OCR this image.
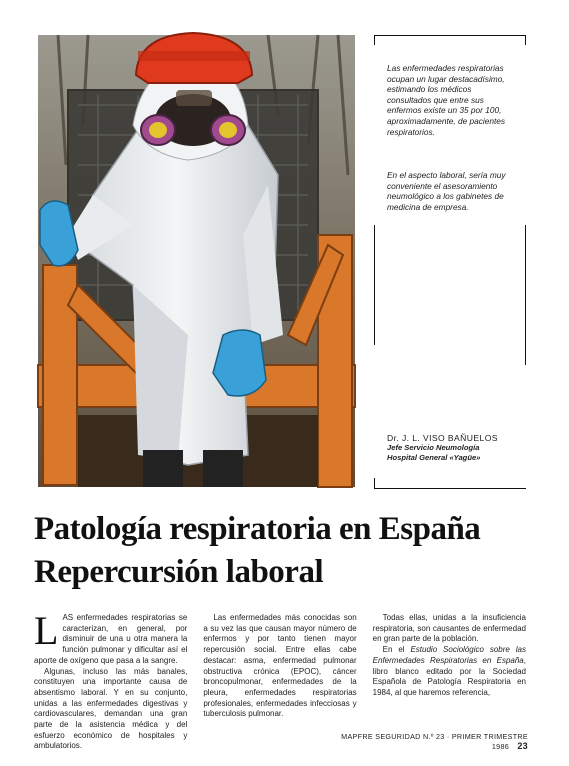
Las enfermedades respiratorias ocupan un lugar destacadísimo, estimando los médicos consultados que entre sus enfermos existe un 35 por 100, aproximadamente, de pacientes respiratorios.
En el aspecto laboral, sería muy conveniente el asesoramiento neumológico a los gabinetes de medicina de empresa.
Dr. J. L. VISO BAÑUELOS
Jefe Servicio Neumología
Hospital General «Yagüe»
Patología respiratoria en España
Repercursión laboral

LAS enfermedades respiratorias se caracterizan, en general, por disminuir de una u otra manera la función pulmonar y dificultar así el aporte de oxígeno que pasa a la sangre.

Algunas, incluso las más banales, constituyen una importante causa de absentismo laboral. Y en su conjunto, unidas a las enfermedades digestivas y cardiovasculares, demandan una gran parte de la asistencia médica y del esfuerzo económico de hospitales y ambulatorios.

Las enfermedades más conocidas son a su vez las que causan mayor número de enfermos y por tanto tienen mayor repercusión social. Entre ellas cabe destacar: asma, enfermedad pulmonar obstructiva crónica (EPOC), cáncer broncopulmonar, enfermedades de la pleura, enfermedades respiratorias profesionales, enfermedades infecciosas y tuberculosis pulmonar.

Todas ellas, unidas a la insuficiencia respiratoria, son causantes de enfermedad en gran parte de la población.

En el Estudio Sociológico sobre las Enfermedades Respiratorias en España, libro blanco editado por la Sociedad Española de Patología Respiratoria en 1984, al que haremos referencia,

MAPFRE SEGURIDAD N.º 23 · PRIMER TRIMESTRE 1986 23
